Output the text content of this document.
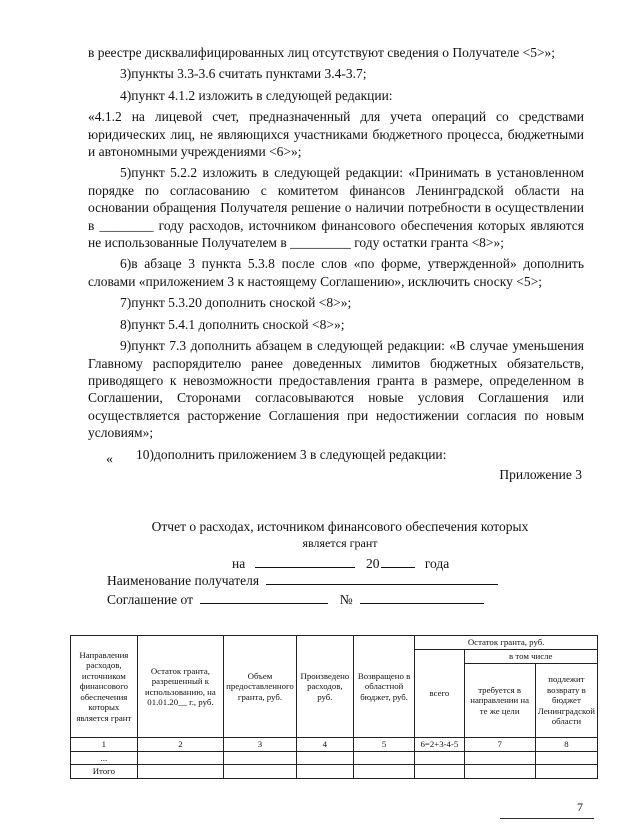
в реестре дисквалифицированных лиц отсутствуют сведения о Получателе <5>»;

3)пункты 3.3-3.6 считать пунктами 3.4-3.7;

4)пункт 4.1.2 изложить в следующей редакции:

«4.1.2 на лицевой счет, предназначенный для учета операций со средствами юридических лиц, не являющихся участниками бюджетного процесса, бюджетными и автономными учреждениями <6>»;

5)пункт 5.2.2 изложить в следующей редакции: «Принимать в установленном порядке по согласованию с комитетом финансов Ленинградской области на основании обращения Получателя решение о наличии потребности в осуществлении в ________ году расходов, источником финансового обеспечения которых являются не использованные Получателем в _________ году остатки гранта <8>»;

6)в абзаце 3 пункта 5.3.8 после слов «по форме, утвержденной» дополнить словами «приложением 3 к настоящему Соглашению», исключить сноску <5>;

7)пункт 5.3.20 дополнить сноской <8>»;

8)пункт 5.4.1 дополнить сноской <8>»;

9)пункт 7.3 дополнить абзацем в следующей редакции: «В случае уменьшения Главному распорядителю ранее доведенных лимитов бюджетных обязательств, приводящего к невозможности предоставления гранта в размере, определенном в Соглашении, Сторонами согласовываются новые условия Соглашения или осуществляется расторжение Соглашения при недостижении согласия по новым условиям»;

10)дополнить приложением 3 в следующей редакции:

«
Приложение 3
Отчет о расходах, источником финансового обеспечения которых
является грант
на	20	года
Наименование получателя
Соглашение от	№
Направления расходов, источником финансового обеспечения которых является грант	Остаток гранта, разрешенный к использованию, на 01.01.20__ г., руб.	Объем предоставленного гранта, руб.	Произведено расходов, руб.	Возвращено в областной бюджет, руб.	Остаток гранта, руб.		
					всего	в том числе	
						требуется в направлении на те же цели	подлежит возврату в бюджет Ленинградской области
1	2	3	4	5	6=2+3-4-5	7	8
...							
Итого							
7
